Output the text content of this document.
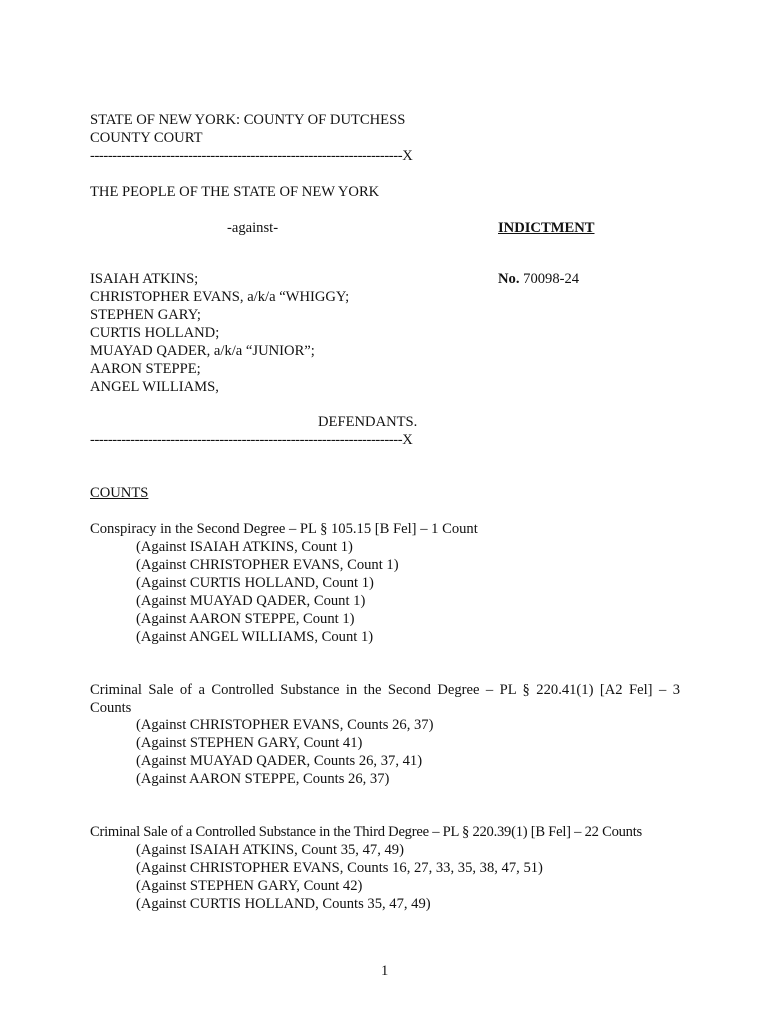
STATE OF NEW YORK: COUNTY OF DUTCHESS
COUNTY COURT
----------------------------------------------------------------------X
THE PEOPLE OF THE STATE OF NEW YORK
-against-	INDICTMENT
No. 70098-24
ISAIAH ATKINS;
CHRISTOPHER EVANS, a/k/a “WHIGGY;
STEPHEN GARY;
CURTIS HOLLAND;
MUAYAD QADER, a/k/a “JUNIOR”;
AARON STEPPE;
ANGEL WILLIAMS,
DEFENDANTS.
----------------------------------------------------------------------X
COUNTS
Conspiracy in the Second Degree – PL § 105.15 [B Fel] – 1 Count
(Against ISAIAH ATKINS, Count 1)
(Against CHRISTOPHER EVANS, Count 1)
(Against CURTIS HOLLAND, Count 1)
(Against MUAYAD QADER, Count 1)
(Against AARON STEPPE, Count 1)
(Against ANGEL WILLIAMS, Count 1)
Criminal Sale of a Controlled Substance in the Second Degree – PL § 220.41(1) [A2 Fel] – 3
Counts
(Against CHRISTOPHER EVANS, Counts 26, 37)
(Against STEPHEN GARY, Count 41)
(Against MUAYAD QADER, Counts 26, 37, 41)
(Against AARON STEPPE, Counts 26, 37)
Criminal Sale of a Controlled Substance in the Third Degree – PL § 220.39(1) [B Fel] – 22 Counts
(Against ISAIAH ATKINS, Count 35, 47, 49)
(Against CHRISTOPHER EVANS, Counts 16, 27, 33, 35, 38, 47, 51)
(Against STEPHEN GARY, Count 42)
(Against CURTIS HOLLAND, Counts 35, 47, 49)
1
